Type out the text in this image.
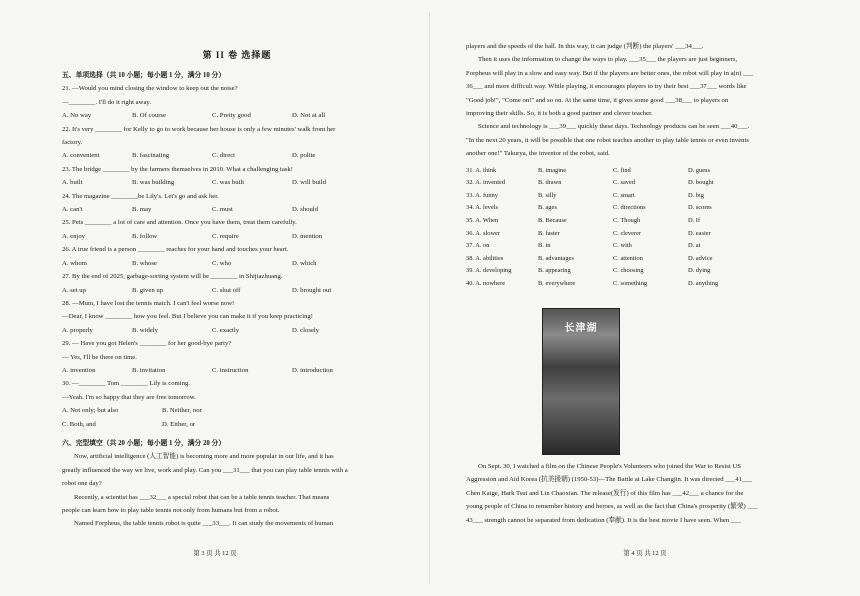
第 II 卷 选择题
五、单项选择（共 10 小题；每小题 1 分，满分 10 分）
21. —Would you mind closing the window to keep out the noise?
—________. I'll do it right away.
A. No way	B. Of course	C. Pretty good	D. Not at all
22. It's very ________ for Kelly to go to work because her house is only a few minutes' walk from her
factory.
A. convenient	B. fascinating	C. direct	D. polite
23. The bridge ________ by the farmers themselves in 2010. What a challenging task!
A. built	B. was building	C. was built	D. will build
24. The magazine ________be Lily's. Let's go and ask her.
A. can't	B. may	C. must	D. should
25. Pets ________ a lot of care and attention. Once you have them, treat them carefully.
A. enjoy	B. follow	C. require	D. mention
26. A true friend is a person ________ reaches for your hand and touches your heart.
A. whom	B. whose	C. who	D. which
27. By the end of 2025, garbage-sorting system will be ________ in Shijiazhuang.
A. set up	B. given up	C. shut off	D. brought out
28. —Mum, I have lost the tennis match. I can't feel worse now!
—Dear, I know ________ how you feel. But I believe you can make it if you keep practicing!
A. properly	B. widely	C. exactly	D. closely
29. — Have you got Helen's ________ for her good-bye party?
— Yes, I'll be there on time.
A. invention	B. invitation	C. instruction	D. introduction
30. —________ Tom ________ Lily is coming.
—Yeah. I'm so happy that they are free tomorrow.
A. Not only; but also	B. Neither, nor
C. Both, and	D. Either, or
六、完型填空（共 20 小题；每小题 1 分，满分 20 分）
Now, artificial intelligence (人工智能) is becoming more and more popular in our life, and it has
greatly influenced the way we live, work and play. Can you ___31___ that you can play table tennis with a
robot one day?
Recently, a scientist has ___32___ a special robot that can be a table tennis teacher. That means
people can learn how to play table tennis not only from humans but from a robot.
Named Forpheus, the table tennis robot is quite ___33___. It can study the movements of human
第 3 页 共 12 页
players and the speeds of the ball. In this way, it can judge (判断) the players' ___34___.
Then it uses the information to change the ways to play. ___35___ the players are just beginners,
Forpheus will play in a slow and easy way. But if the players are better ones, the robot will play in a(n) ___
36___ and more difficult way. While playing, it encourages players to try their best ___37___ words like
"Good job!", "Come on!" and so on. At the same time, it gives some good ___38___ to players on
improving their skills. So, it is both a good partner and clever teacher.
Science and technology is ___39___ quickly these days. Technology products can be seen ___40___.
"In the next 20 years, it will be possible that one robot teaches another to play table tennis or even invents
another one!" Takurya, the inventor of the robot, said.
31. A. think	B. imagine	C. find	D. guess
32. A. invented	B. drawn	C. saved	D. bought
33. A. funny	B. silly	C. smart	D. big
34. A. levels	B. ages	C. directions	D. scores
35. A. When	B. Because	C. Though	D. If
36. A. slower	B. faster	C. cleverer	D. easier
37. A. on	B. in	C. with	D. at
38. A. abilities	B. advantages	C. attention	D. advice
39. A. developing	B. appearing	C. choosing	D. dying
40. A. nowhere	B. everywhere	C. something	D. anything
长津湖
On Sept. 30, I watched a film on the Chinese People's Volunteers who joined the War to Resist US
Aggression and Aid Korea (抗美援朝) (1950-53)—The Battle at Lake Changjin. It was directed ___41___
Chen Kaige, Hark Tsui and Lin Chaoxian. The release(发行) of this film has ___42___ a chance for the
young people of China to remember history and heroes, as well as the fact that China's prosperity (繁荣) ___
43___ strength cannot be separated from dedication (奉献). It is the best movie I have seen. When ___
第 4 页 共 12 页
